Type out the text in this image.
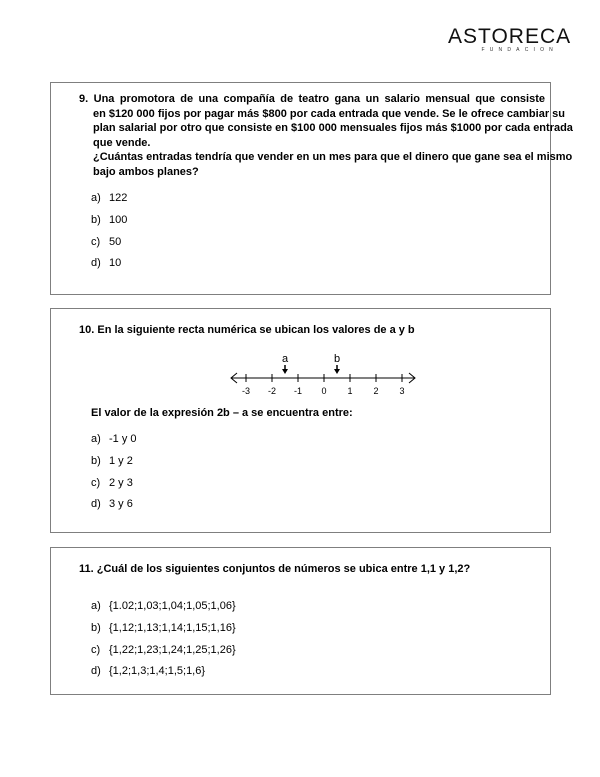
ASTORECA
FUNDACION
9. Una promotora de una compañía de teatro gana un salario mensual que consiste
en $120 000 fijos por pagar más $800 por cada entrada que vende. Se le ofrece cambiar su
plan salarial por otro que consiste en $100 000 mensuales fijos más $1000 por cada entrada
que vende.
¿Cuántas entradas tendría que vender en un mes para que el dinero que gane sea el mismo
bajo ambos planes?
a) 122
b) 100
c) 50
d) 10
10. En la siguiente recta numérica se ubican los valores de a y b
-3 -2 -1 0 1 2 3
a	b
El valor de la expresión 2b – a se encuentra entre:
a) -1 y 0
b) 1 y 2
c) 2 y 3
d) 3 y 6
11. ¿Cuál de los siguientes conjuntos de números se ubica entre 1,1 y 1,2?
a) {1.02;1,03;1,04;1,05;1,06}
b) {1,12;1,13;1,14;1,15;1,16}
c) {1,22;1,23;1,24;1,25;1,26}
d) {1,2;1,3;1,4;1,5;1,6}
